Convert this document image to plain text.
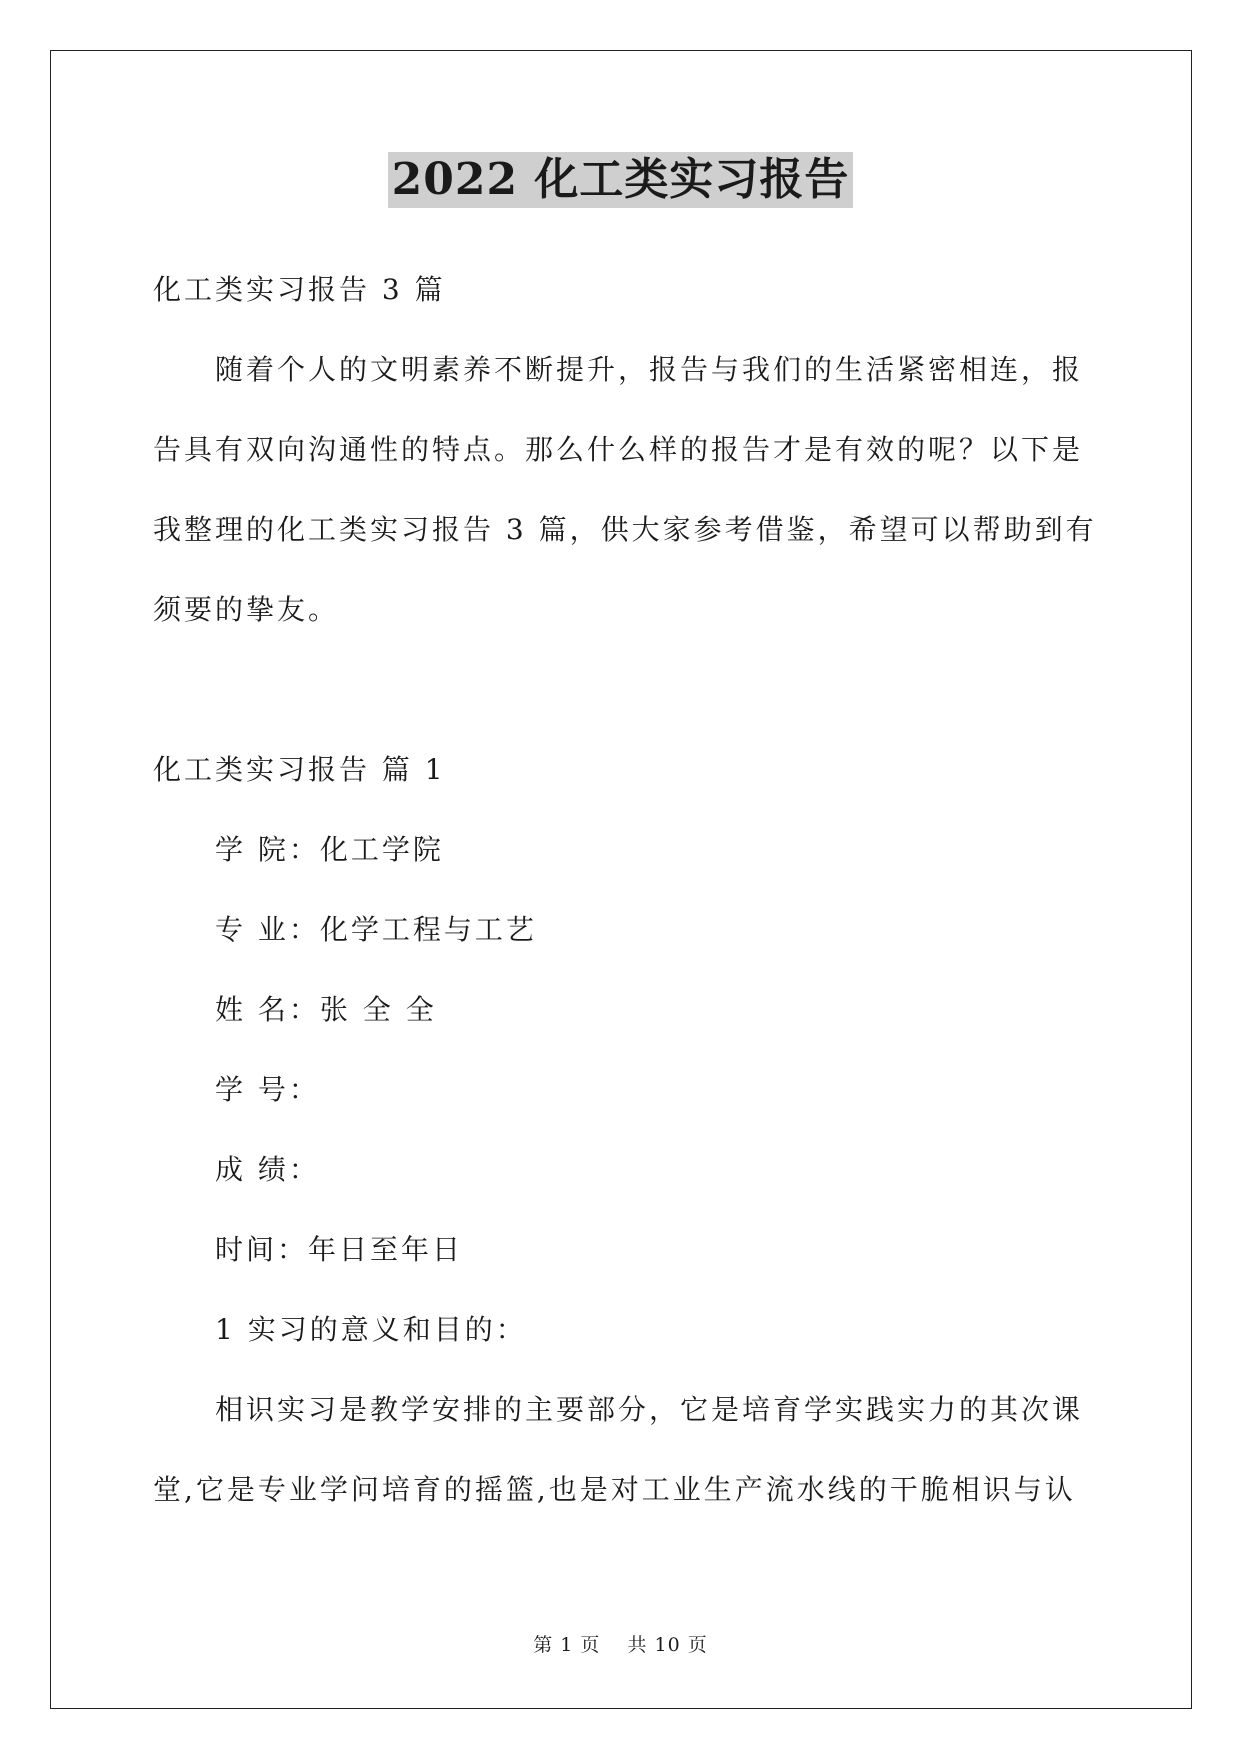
2022 化工类实习报告
化工类实习报告 3 篇
随着个人的文明素养不断提升，报告与我们的生活紧密相连，报
告具有双向沟通性的特点。那么什么样的报告才是有效的呢？以下是
我整理的化工类实习报告 3 篇，供大家参考借鉴，希望可以帮助到有
须要的挚友。
化工类实习报告 篇 1
学 院：化工学院
专 业：化学工程与工艺
姓 名：张 全 全
学 号：
成 绩：
时间：年日至年日
1 实习的意义和目的：
相识实习是教学安排的主要部分，它是培育学实践实力的其次课
堂,它是专业学问培育的摇篮,也是对工业生产流水线的干脆相识与认
第 1 页 共 10 页
